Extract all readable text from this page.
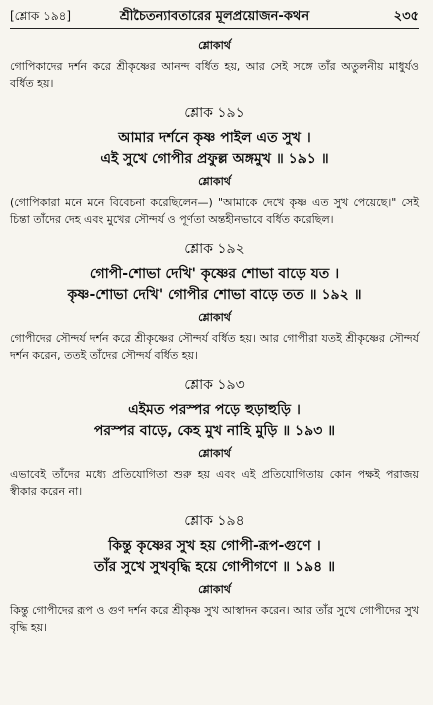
[শ্লোক ১৯৪]	শ্রীচৈতন্যাবতারের মূলপ্রয়োজন-কথন	২৩৫
শ্লোকার্থ

গোপিকাদের দর্শন করে শ্রীকৃষ্ণের আনন্দ বর্ধিত হয়, আর সেই সঙ্গে তাঁর অতুলনীয় মাধুর্যও বর্ধিত হয়।

শ্লোক ১৯১
আমার দর্শনে কৃষ্ণ পাইল এত সুখ ।
এই সুখে গোপীর প্রফুল্ল অঙ্গমুখ ॥ ১৯১ ॥
শ্লোকার্থ

(গোপিকারা মনে মনে বিবেচনা করেছিলেন—) "আমাকে দেখে কৃষ্ণ এত সুখ পেয়েছে।" সেই চিন্তা তাঁদের দেহ এবং মুখের সৌন্দর্য ও পূর্ণতা অন্তহীনভাবে বর্ধিত করেছিল।

শ্লোক ১৯২
গোপী-শোভা দেখি' কৃষ্ণের শোভা বাড়ে যত ।
কৃষ্ণ-শোভা দেখি' গোপীর শোভা বাড়ে তত ॥ ১৯২ ॥
শ্লোকার্থ

গোপীদের সৌন্দর্য দর্শন করে শ্রীকৃষ্ণের সৌন্দর্য বর্ধিত হয়। আর গোপীরা যতই শ্রীকৃষ্ণের সৌন্দর্য দর্শন করেন, ততই তাঁদের সৌন্দর্য বর্ধিত হয়।

শ্লোক ১৯৩
এইমত পরস্পর পড়ে হুড়াহুড়ি ।
পরস্পর বাড়ে, কেহ মুখ নাহি মুড়ি ॥ ১৯৩ ॥
শ্লোকার্থ

এভাবেই তাঁদের মধ্যে প্রতিযোগিতা শুরু হয় এবং এই প্রতিযোগিতায় কোন পক্ষই পরাজয় স্বীকার করেন না।

শ্লোক ১৯৪
কিন্তু কৃষ্ণের সুখ হয় গোপী-রূপ-গুণে ।
তাঁর সুখে সুখবৃদ্ধি হয়ে গোপীগণে ॥ ১৯৪ ॥
শ্লোকার্থ

কিন্তু গোপীদের রূপ ও গুণ দর্শন করে শ্রীকৃষ্ণ সুখ আস্বাদন করেন। আর তাঁর সুখে গোপীদের সুখ বৃদ্ধি হয়।
